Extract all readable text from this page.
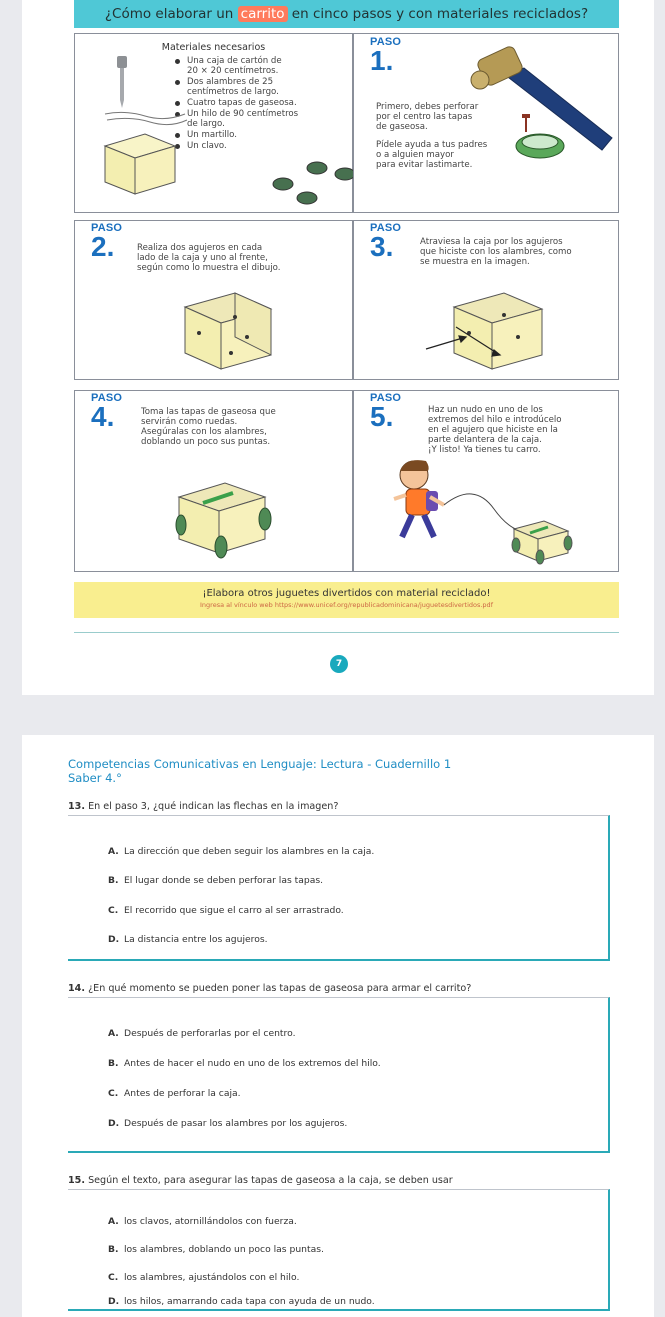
¿Cómo elaborar un carrito en cinco pasos y con materiales reciclados?
Materiales necesarios
Una caja de cartón de
20 × 20 centímetros.
Dos alambres de 25
centímetros de largo.
Cuatro tapas de gaseosa.
Un hilo de 90 centímetros
de largo.
Un martillo.
Un clavo.
PASO
1.

Primero, debes perforar

por el centro las tapas

de gaseosa.

Pídele ayuda a tus padres

o a alguien mayor

para evitar lastimarte.

PASO
2.	Realiza dos agujeros en cada

lado de la caja y uno al frente,

según como lo muestra el dibujo.

PASO
3.	Atraviesa la caja por los agujeros

que hiciste con los alambres, como

se muestra en la imagen.

PASO
4.	Toma las tapas de gaseosa que

servirán como ruedas.

Asegúralas con los alambres,

doblando un poco sus puntas.

PASO
5.	Haz un nudo en uno de los

extremos del hilo e introdúcelo

en el agujero que hiciste en la

parte delantera de la caja.

¡Y listo! Ya tienes tu carro.

¡Elabora otros juguetes divertidos con material reciclado!
Ingresa al vínculo web https://www.unicef.org/republicadominicana/juguetesdivertidos.pdf
7
Competencias Comunicativas en Lenguaje: Lectura - Cuadernillo 1
Saber 4.°
13. En el paso 3, ¿qué indican las flechas en la imagen?
A. La dirección que deben seguir los alambres en la caja.
B. El lugar donde se deben perforar las tapas.
C. El recorrido que sigue el carro al ser arrastrado.
D. La distancia entre los agujeros.
14. ¿En qué momento se pueden poner las tapas de gaseosa para armar el carrito?
A. Después de perforarlas por el centro.
B. Antes de hacer el nudo en uno de los extremos del hilo.
C. Antes de perforar la caja.
D. Después de pasar los alambres por los agujeros.
15. Según el texto, para asegurar las tapas de gaseosa a la caja, se deben usar
A. los clavos, atornillándolos con fuerza.
B. los alambres, doblando un poco las puntas.
C. los alambres, ajustándolos con el hilo.
D. los hilos, amarrando cada tapa con ayuda de un nudo.
